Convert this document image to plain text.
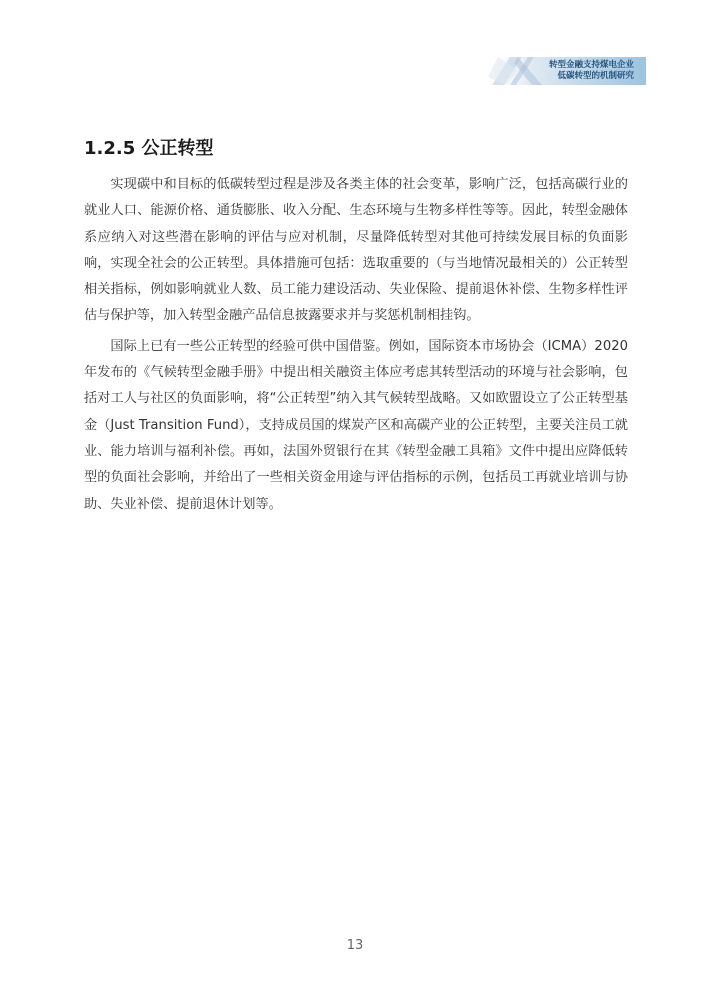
转型金融支持煤电企业
低碳转型的机制研究
1.2.5 公正转型

实现碳中和目标的低碳转型过程是涉及各类主体的社会变革，影响广泛，包括高碳行业的就业人口、能源价格、通货膨胀、收入分配、生态环境与生物多样性等等。因此，转型金融体系应纳入对这些潜在影响的评估与应对机制，尽量降低转型对其他可持续发展目标的负面影响，实现全社会的公正转型。具体措施可包括：选取重要的（与当地情况最相关的）公正转型相关指标，例如影响就业人数、员工能力建设活动、失业保险、提前退休补偿、生物多样性评估与保护等，加入转型金融产品信息披露要求并与奖惩机制相挂钩。

国际上已有一些公正转型的经验可供中国借鉴。例如，国际资本市场协会（ICMA）2020 年发布的《气候转型金融手册》中提出相关融资主体应考虑其转型活动的环境与社会影响，包括对工人与社区的负面影响，将“公正转型”纳入其气候转型战略。又如欧盟设立了公正转型基金（Just Transition Fund），支持成员国的煤炭产区和高碳产业的公正转型，主要关注员工就业、能力培训与福利补偿。再如，法国外贸银行在其《转型金融工具箱》文件中提出应降低转型的负面社会影响，并给出了一些相关资金用途与评估指标的示例，包括员工再就业培训与协助、失业补偿、提前退休计划等。

13
